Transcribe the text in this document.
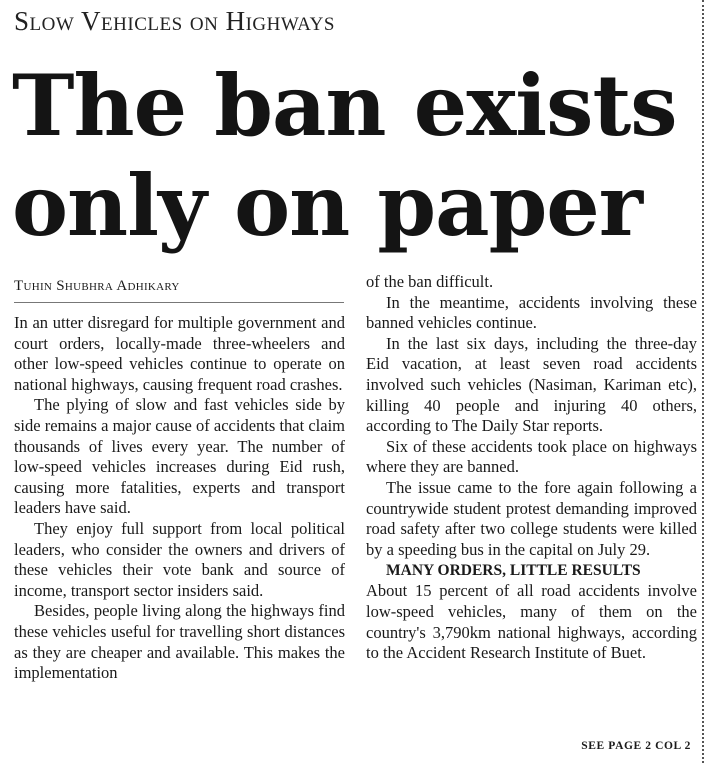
Slow Vehicles on Highways
The ban exists
only on paper
Tuhin Shubhra Adhikary

In an utter disregard for multiple government and court orders, locally-made three-wheelers and other low-speed vehicles continue to operate on national highways, causing frequent road crashes.

The plying of slow and fast vehicles side by side remains a major cause of accidents that claim thousands of lives every year. The number of low-speed vehicles increases during Eid rush, causing more fatalities, experts and transport leaders have said.

They enjoy full support from local political leaders, who consider the owners and drivers of these vehicles their vote bank and source of income, transport sector insiders said.

Besides, people living along the highways find these vehicles useful for travelling short distances as they are cheaper and available. This makes the implementation

of the ban difficult.

In the meantime, accidents involving these banned vehicles continue.

In the last six days, including the three-day Eid vacation, at least seven road accidents involved such vehicles (Nasiman, Kariman etc), killing 40 people and injuring 40 others, according to The Daily Star reports.

Six of these accidents took place on highways where they are banned.

The issue came to the fore again following a countrywide student protest demanding improved road safety after two college students were killed by a speeding bus in the capital on July 29.

MANY ORDERS, LITTLE RESULTS

About 15 percent of all road accidents involve low-speed vehicles, many of them on the country's 3,790km national highways, according to the Accident Research Institute of Buet.

SEE PAGE 2 COL 2
